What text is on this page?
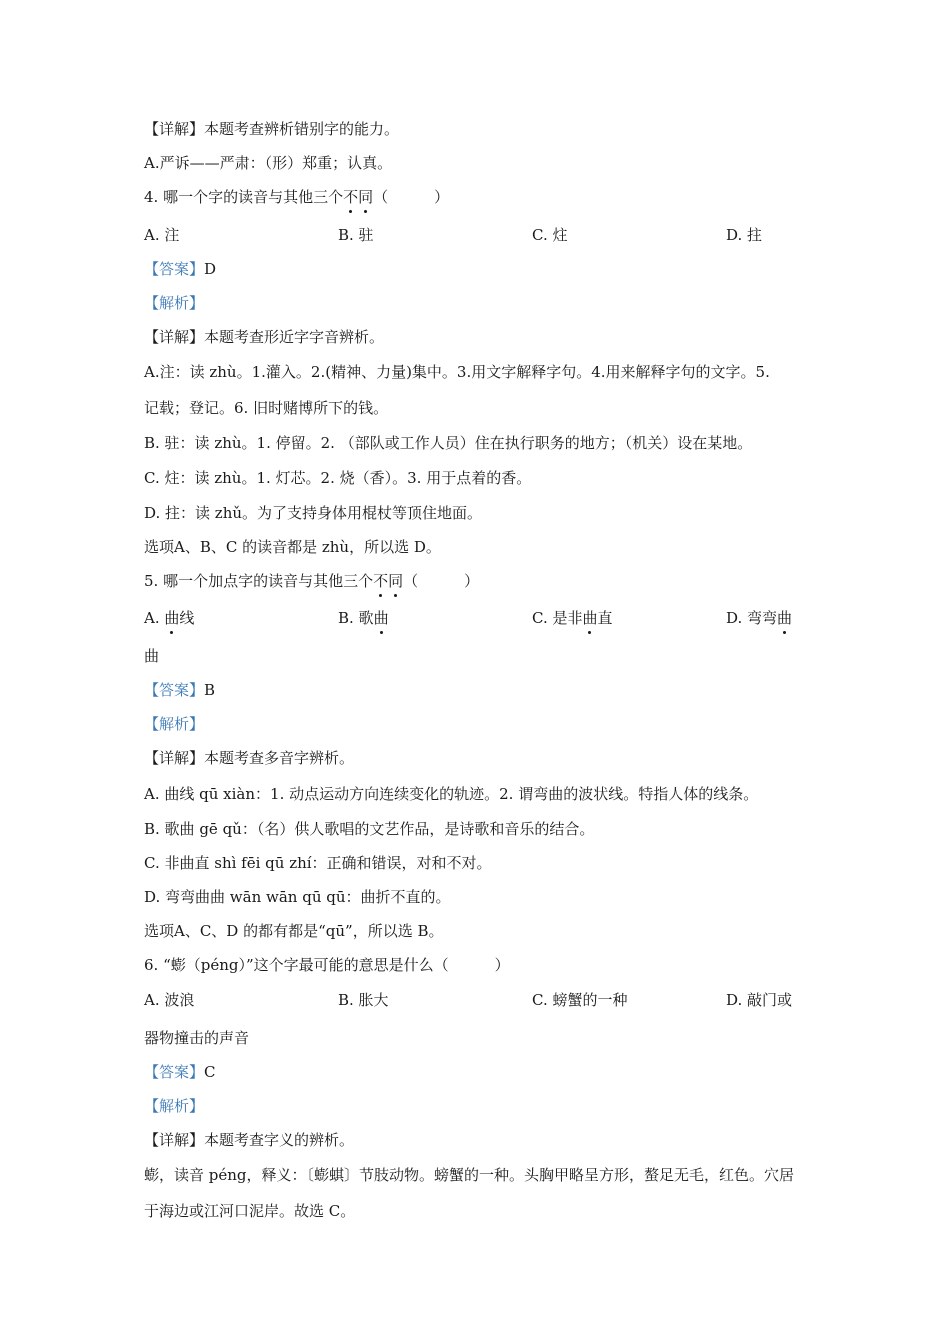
【详解】本题考查辨析错别字的能力。
A.严诉——严肃：（形）郑重；认真。
4. 哪一个字的读音与其他三个不同（	）
A. 注	B. 驻	C. 炷	D. 拄
【答案】D
【解析】
【详解】本题考查形近字字音辨析。
A.注：读 zhù。1.灌入。2.(精神、力量)集中。3.用文字解释字句。4.用来解释字句的文字。5.
记载；登记。6. 旧时赌博所下的钱。
B. 驻：读 zhù。1. 停留。2. （部队或工作人员）住在执行职务的地方；（机关）设在某地。
C. 炷：读 zhù。1. 灯芯。2. 烧（香）。3. 用于点着的香。
D. 拄：读 zhǔ。为了支持身体用棍杖等顶住地面。
选项A、B、C 的读音都是 zhù，所以选 D。
5. 哪一个加点字的读音与其他三个不同（	）
A. 曲线	B. 歌曲	C. 是非曲直	D. 弯弯曲
曲
【答案】B
【解析】
【详解】本题考查多音字辨析。
A. 曲线 qū xiàn：1. 动点运动方向连续变化的轨迹。2. 谓弯曲的波状线。特指人体的线条。
B. 歌曲 gē qǔ：（名）供人歌唱的文艺作品，是诗歌和音乐的结合。
C. 非曲直 shì fēi qū zhí：正确和错误，对和不对。
D. 弯弯曲曲 wān wān qū qū：曲折不直的。
选项A、C、D 的都有都是“qū”，所以选 B。
6. “蟛（péng）”这个字最可能的意思是什么（	）
A. 波浪	B. 胀大	C. 螃蟹的一种	D. 敲门或
器物撞击的声音
【答案】C
【解析】
【详解】本题考查字义的辨析。
蟛，读音 péng，释义：〔蟛蜞〕节肢动物。螃蟹的一种。头胸甲略呈方形，螯足无毛，红色。穴居
于海边或江河口泥岸。故选 C。
